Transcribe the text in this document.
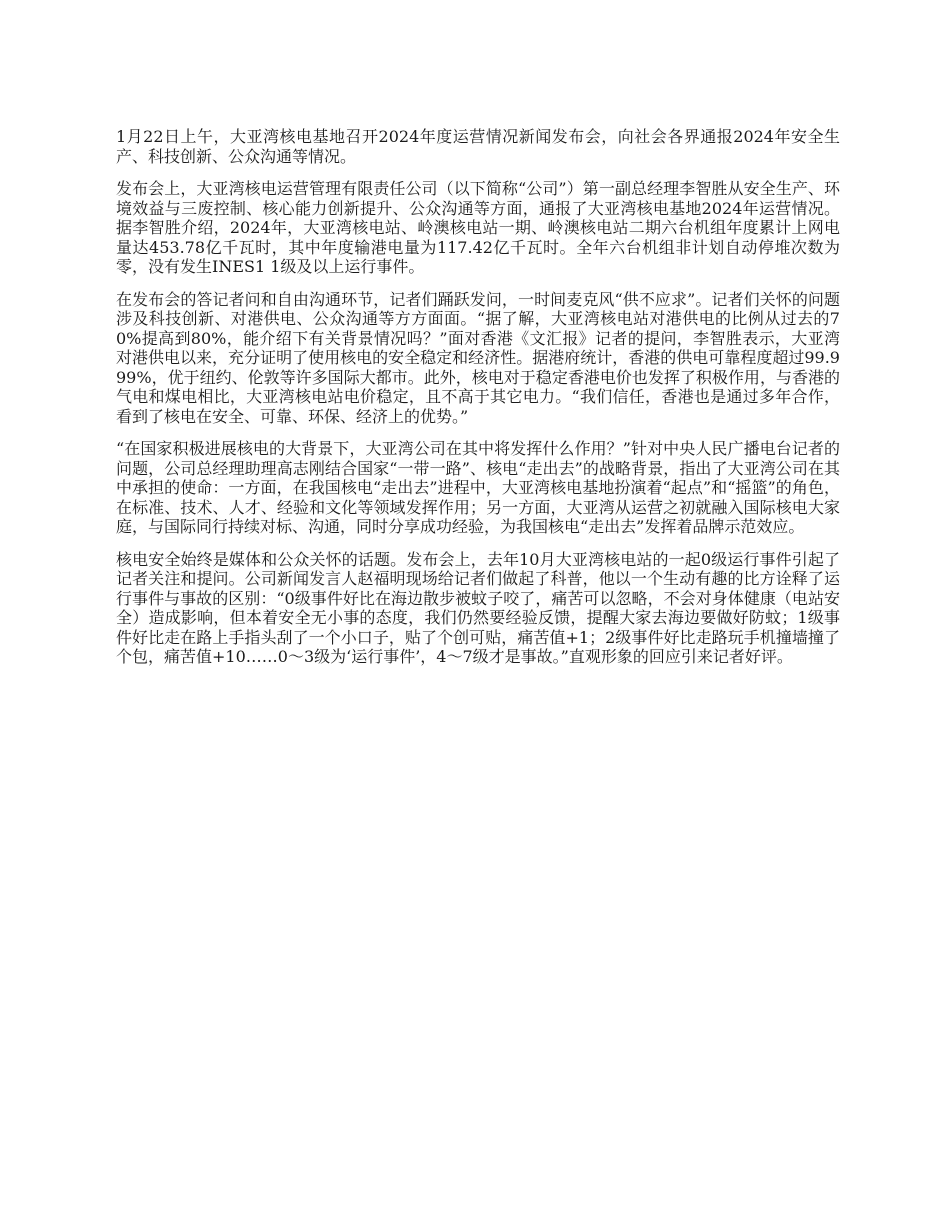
1月22日上午，大亚湾核电基地召开2024年度运营情况新闻发布会，向社会各界通报2024年安全生产、科技创新、公众沟通等情况。

发布会上，大亚湾核电运营管理有限责任公司（以下简称“公司”）第一副总经理李智胜从安全生产、环境效益与三废控制、核心能力创新提升、公众沟通等方面，通报了大亚湾核电基地2024年运营情况。据李智胜介绍，2024年，大亚湾核电站、岭澳核电站一期、岭澳核电站二期六台机组年度累计上网电量达453.78亿千瓦时，其中年度输港电量为117.42亿千瓦时。全年六台机组非计划自动停堆次数为零，没有发生INES1 1级及以上运行事件。

在发布会的答记者问和自由沟通环节，记者们踊跃发问，一时间麦克风“供不应求”。记者们关怀的问题涉及科技创新、对港供电、公众沟通等方方面面。“据了解，大亚湾核电站对港供电的比例从过去的70%提高到80%，能介绍下有关背景情况吗？”面对香港《文汇报》记者的提问，李智胜表示，大亚湾对港供电以来，充分证明了使用核电的安全稳定和经济性。据港府统计，香港的供电可靠程度超过99.999%，优于纽约、伦敦等许多国际大都市。此外，核电对于稳定香港电价也发挥了积极作用，与香港的气电和煤电相比，大亚湾核电站电价稳定，且不高于其它电力。“我们信任，香港也是通过多年合作，看到了核电在安全、可靠、环保、经济上的优势。”

“在国家积极进展核电的大背景下，大亚湾公司在其中将发挥什么作用？”针对中央人民广播电台记者的问题，公司总经理助理高志刚结合国家“一带一路”、核电“走出去”的战略背景，指出了大亚湾公司在其中承担的使命：一方面，在我国核电“走出去”进程中，大亚湾核电基地扮演着“起点”和“摇篮”的角色，在标准、技术、人才、经验和文化等领域发挥作用；另一方面，大亚湾从运营之初就融入国际核电大家庭，与国际同行持续对标、沟通，同时分享成功经验，为我国核电“走出去”发挥着品牌示范效应。

核电安全始终是媒体和公众关怀的话题。发布会上，去年10月大亚湾核电站的一起0级运行事件引起了记者关注和提问。公司新闻发言人赵福明现场给记者们做起了科普，他以一个生动有趣的比方诠释了运行事件与事故的区别：“0级事件好比在海边散步被蚊子咬了，痛苦可以忽略，不会对身体健康（电站安全）造成影响，但本着安全无小事的态度，我们仍然要经验反馈，提醒大家去海边要做好防蚊；1级事件好比走在路上手指头刮了一个小口子，贴了个创可贴，痛苦值+1；2级事件好比走路玩手机撞墙撞了个包，痛苦值+10……0～3级为‘运行事件’，4～7级才是事故。”直观形象的回应引来记者好评。
